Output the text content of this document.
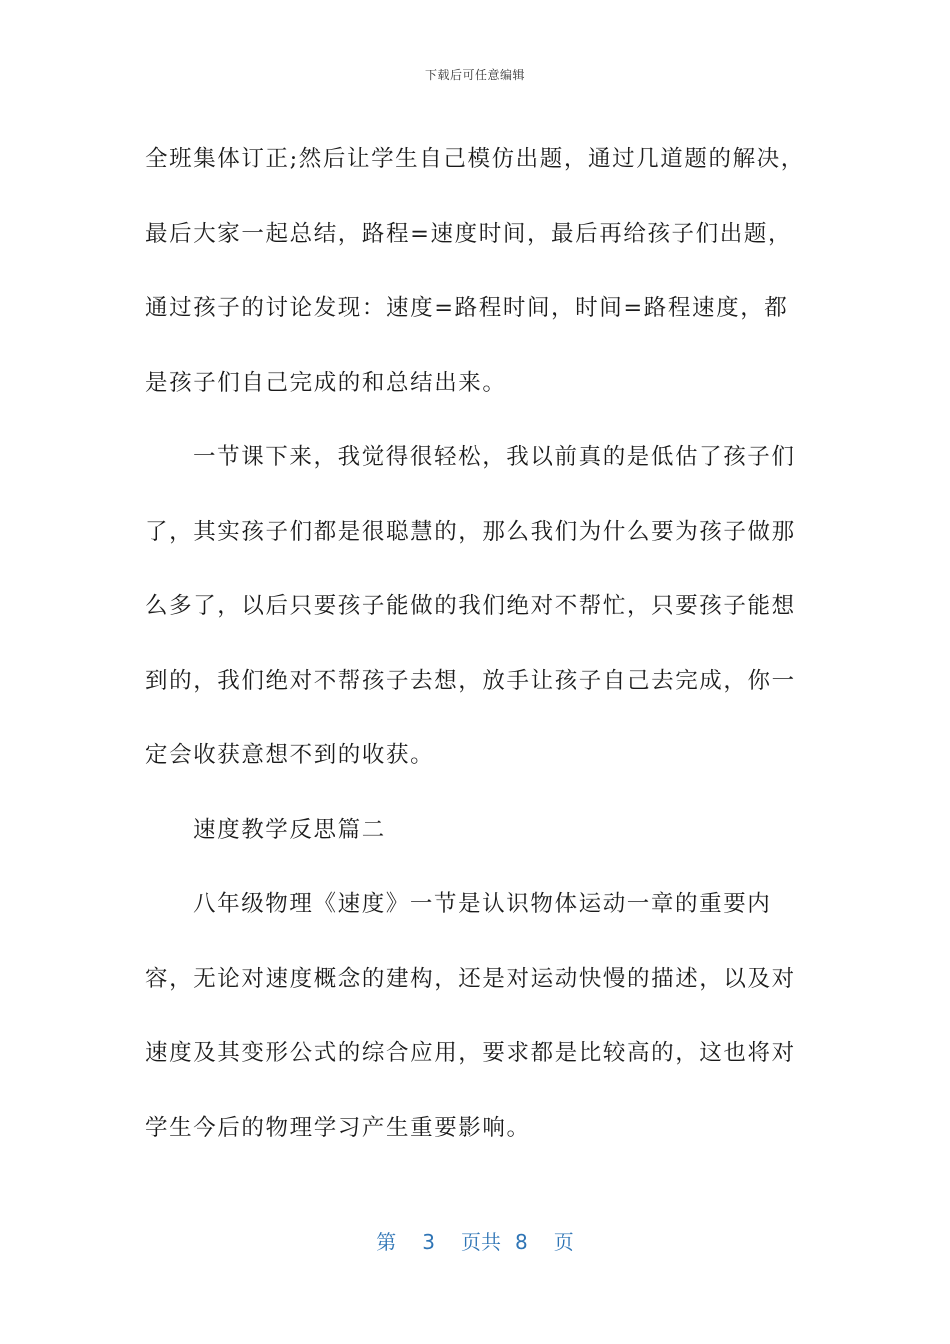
下载后可任意编辑

全班集体订正;然后让学生自己模仿出题，通过几道题的解决，最后大家一起总结，路程=速度时间，最后再给孩子们出题，通过孩子的讨论发现：速度=路程时间，时间=路程速度，都是孩子们自己完成的和总结出来。

一节课下来，我觉得很轻松，我以前真的是低估了孩子们了，其实孩子们都是很聪慧的，那么我们为什么要为孩子做那么多了，以后只要孩子能做的我们绝对不帮忙，只要孩子能想到的，我们绝对不帮孩子去想，放手让孩子自己去完成，你一定会收获意想不到的收获。

速度教学反思篇二

八年级物理《速度》一节是认识物体运动一章的重要内容，无论对速度概念的建构，还是对运动快慢的描述，以及对速度及其变形公式的综合应用，要求都是比较高的，这也将对学生今后的物理学习产生重要影响。

第 3 页共 8 页
